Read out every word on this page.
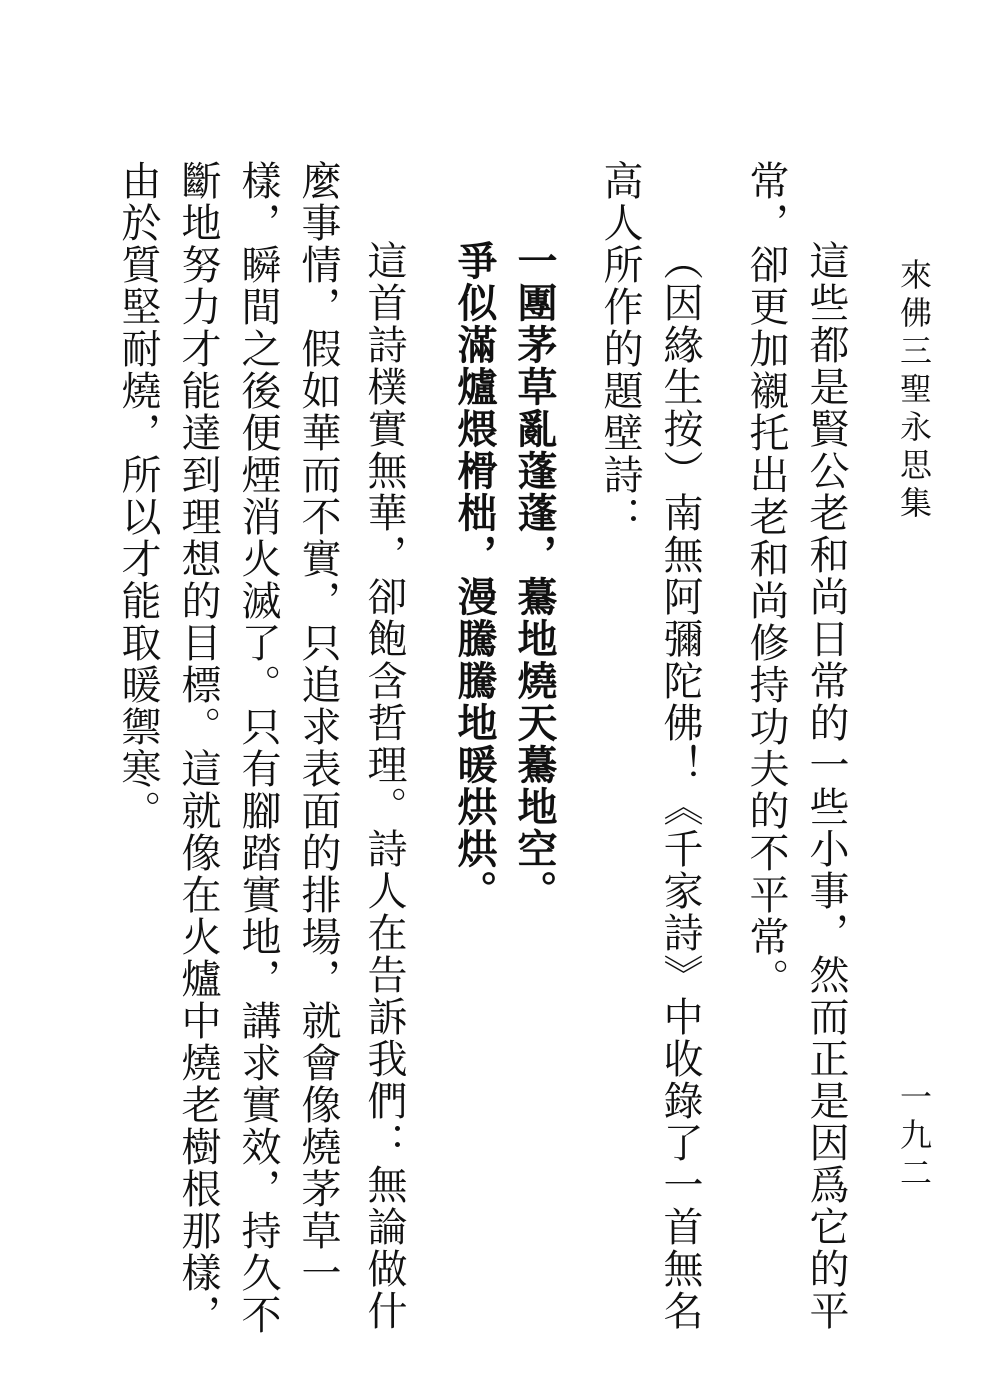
來佛三聖永思集
一九二
這些都是賢公老和尚日常的一些小事，然而正是因爲它的平
常，卻更加襯托出老和尚修持功夫的不平常。
（因緣生按）南無阿彌陀佛！《千家詩》中收錄了一首無名
高人所作的題壁詩：
一團茅草亂蓬蓬，驀地燒天驀地空。
爭似滿爐煨榾柮，漫騰騰地暖烘烘。
這首詩樸實無華，卻飽含哲理。詩人在告訴我們：無論做什
麼事情，假如華而不實，只追求表面的排場，就會像燒茅草一
樣，瞬間之後便煙消火滅了。只有腳踏實地，講求實效，持久不
斷地努力才能達到理想的目標。這就像在火爐中燒老樹根那樣，
由於質堅耐燒，所以才能取暖禦寒。
